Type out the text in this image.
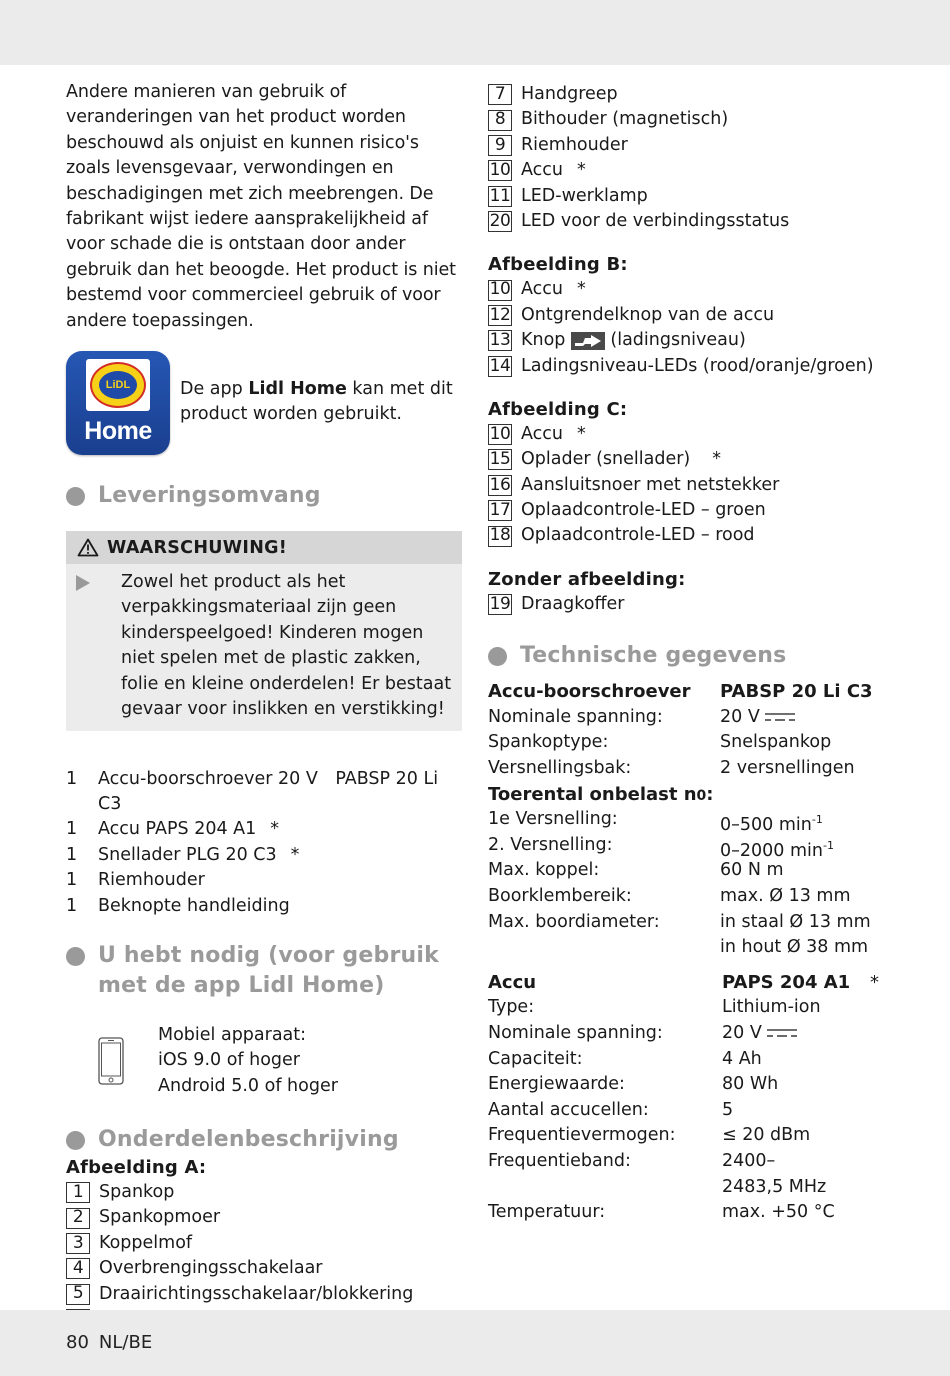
Andere manieren van gebruik of veranderingen van het product worden beschouwd als onjuist en kunnen risico's zoals levensgevaar, verwondingen en beschadigingen met zich meebrengen. De fabrikant wijst iedere aansprakelijkheid af voor schade die is ontstaan door ander gebruik dan het beoogde. Het product is niet bestemd voor commercieel gebruik of voor andere toepassingen.

LiDL
Home
De app Lidl Home kan met dit product worden gebruikt.
Leveringsomvang
WAARSCHUWING!
Zowel het product als het verpakkingsmateriaal zijn geen kinderspeelgoed! Kinderen mogen niet spelen met de plastic zakken, folie en kleine onderdelen! Er bestaat gevaar voor inslikken en verstikking!
1	Accu-boorschroever 20 V PABSP 20 Li C3
1	Accu PAPS 204 A1 *
1	Snellader PLG 20 C3 *
1	Riemhouder
1	Beknopte handleiding
U hebt nodig (voor gebruik
met de app Lidl Home)
Mobiel apparaat:
iOS 9.0 of hoger
Android 5.0 of hoger
Onderdelenbeschrijving

Afbeelding A:

1 Spankop
2 Spankopmoer
3 Koppelmof
4 Overbrengingsschakelaar
5 Draairichtingsschakelaar/blokkering
7 Handgreep
8 Bithouder (magnetisch)
9 Riemhouder
10 Accu *
11 LED-werklamp
20 LED voor de verbindingsstatus

Afbeelding B:

10 Accu *
12 Ontgrendelknop van de accu
13 Knop	(ladingsniveau)
14 Ladingsniveau-LEDs (rood/oranje/groen)

Afbeelding C:

10 Accu *
15 Oplader (snellader) *
16 Aansluitsnoer met netstekker
17 Oplaadcontrole-LED – groen
18 Oplaadcontrole-LED – rood

Zonder afbeelding:

19 Draagkoffer
Technische gegevens
Accu-boorschroever PABSP 20 Li C3
Nominale spanning:	20 V
Spankoptype:	Snelspankop
Versnellingsbak:	2 versnellingen
Toerental onbelast n0:
1e Versnelling:	0–500 $\min^{-1}$
2. Versnelling:	0–2000 $\min^{-1}$
Max. koppel:	60 N m
Boorklembereik:	max. Ø 13 mm
Max. boordiameter:	in staal Ø 13 mm
in hout Ø 38 mm
Accu	PAPS 204 A1 *
Type:	Lithium-ion
Nominale spanning:	20 V
Capaciteit:	4 Ah
Energiewaarde:	80 Wh
Aantal accucellen:	5
Frequentievermogen:	≤ 20 dBm
Frequentieband:	2400–
2483,5 MHz
Temperatuur:	max. +50 °C
80 NL/BE
